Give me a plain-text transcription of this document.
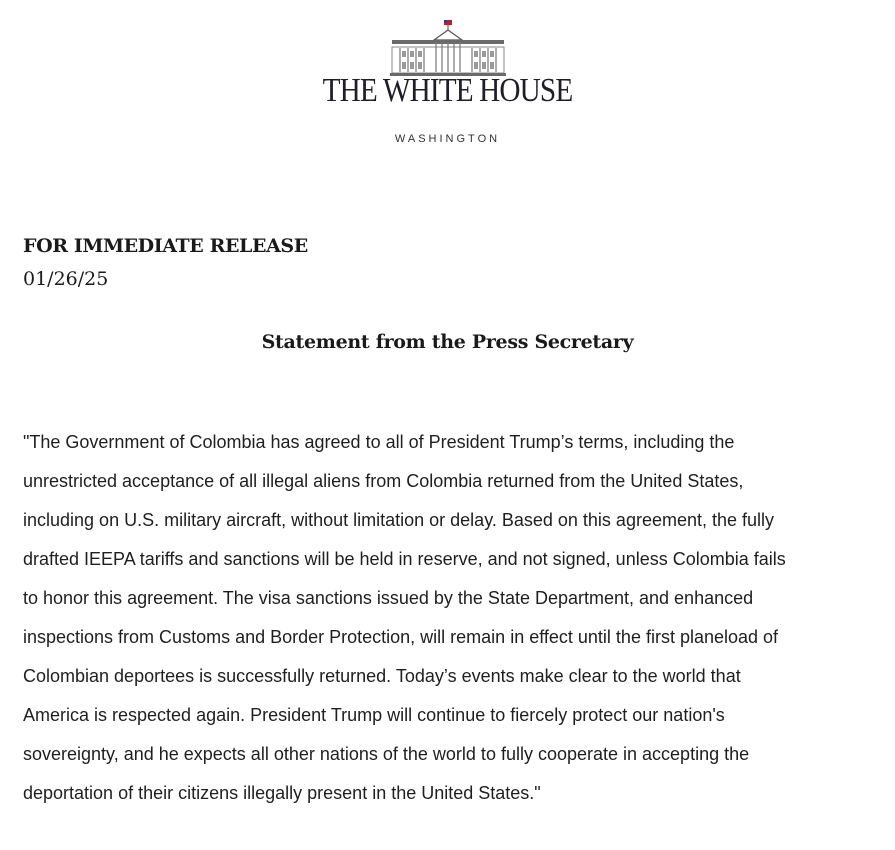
THE WHITE HOUSE
WASHINGTON
FOR IMMEDIATE RELEASE
01/26/25
Statement from the Press Secretary
"The Government of Colombia has agreed to all of President Trump’s terms, including the
unrestricted acceptance of all illegal aliens from Colombia returned from the United States,
including on U.S. military aircraft, without limitation or delay. Based on this agreement, the fully
drafted IEEPA tariffs and sanctions will be held in reserve, and not signed, unless Colombia fails
to honor this agreement. The visa sanctions issued by the State Department, and enhanced
inspections from Customs and Border Protection, will remain in effect until the first planeload of
Colombian deportees is successfully returned. Today’s events make clear to the world that
America is respected again. President Trump will continue to fiercely protect our nation's
sovereignty, and he expects all other nations of the world to fully cooperate in accepting the
deportation of their citizens illegally present in the United States."
